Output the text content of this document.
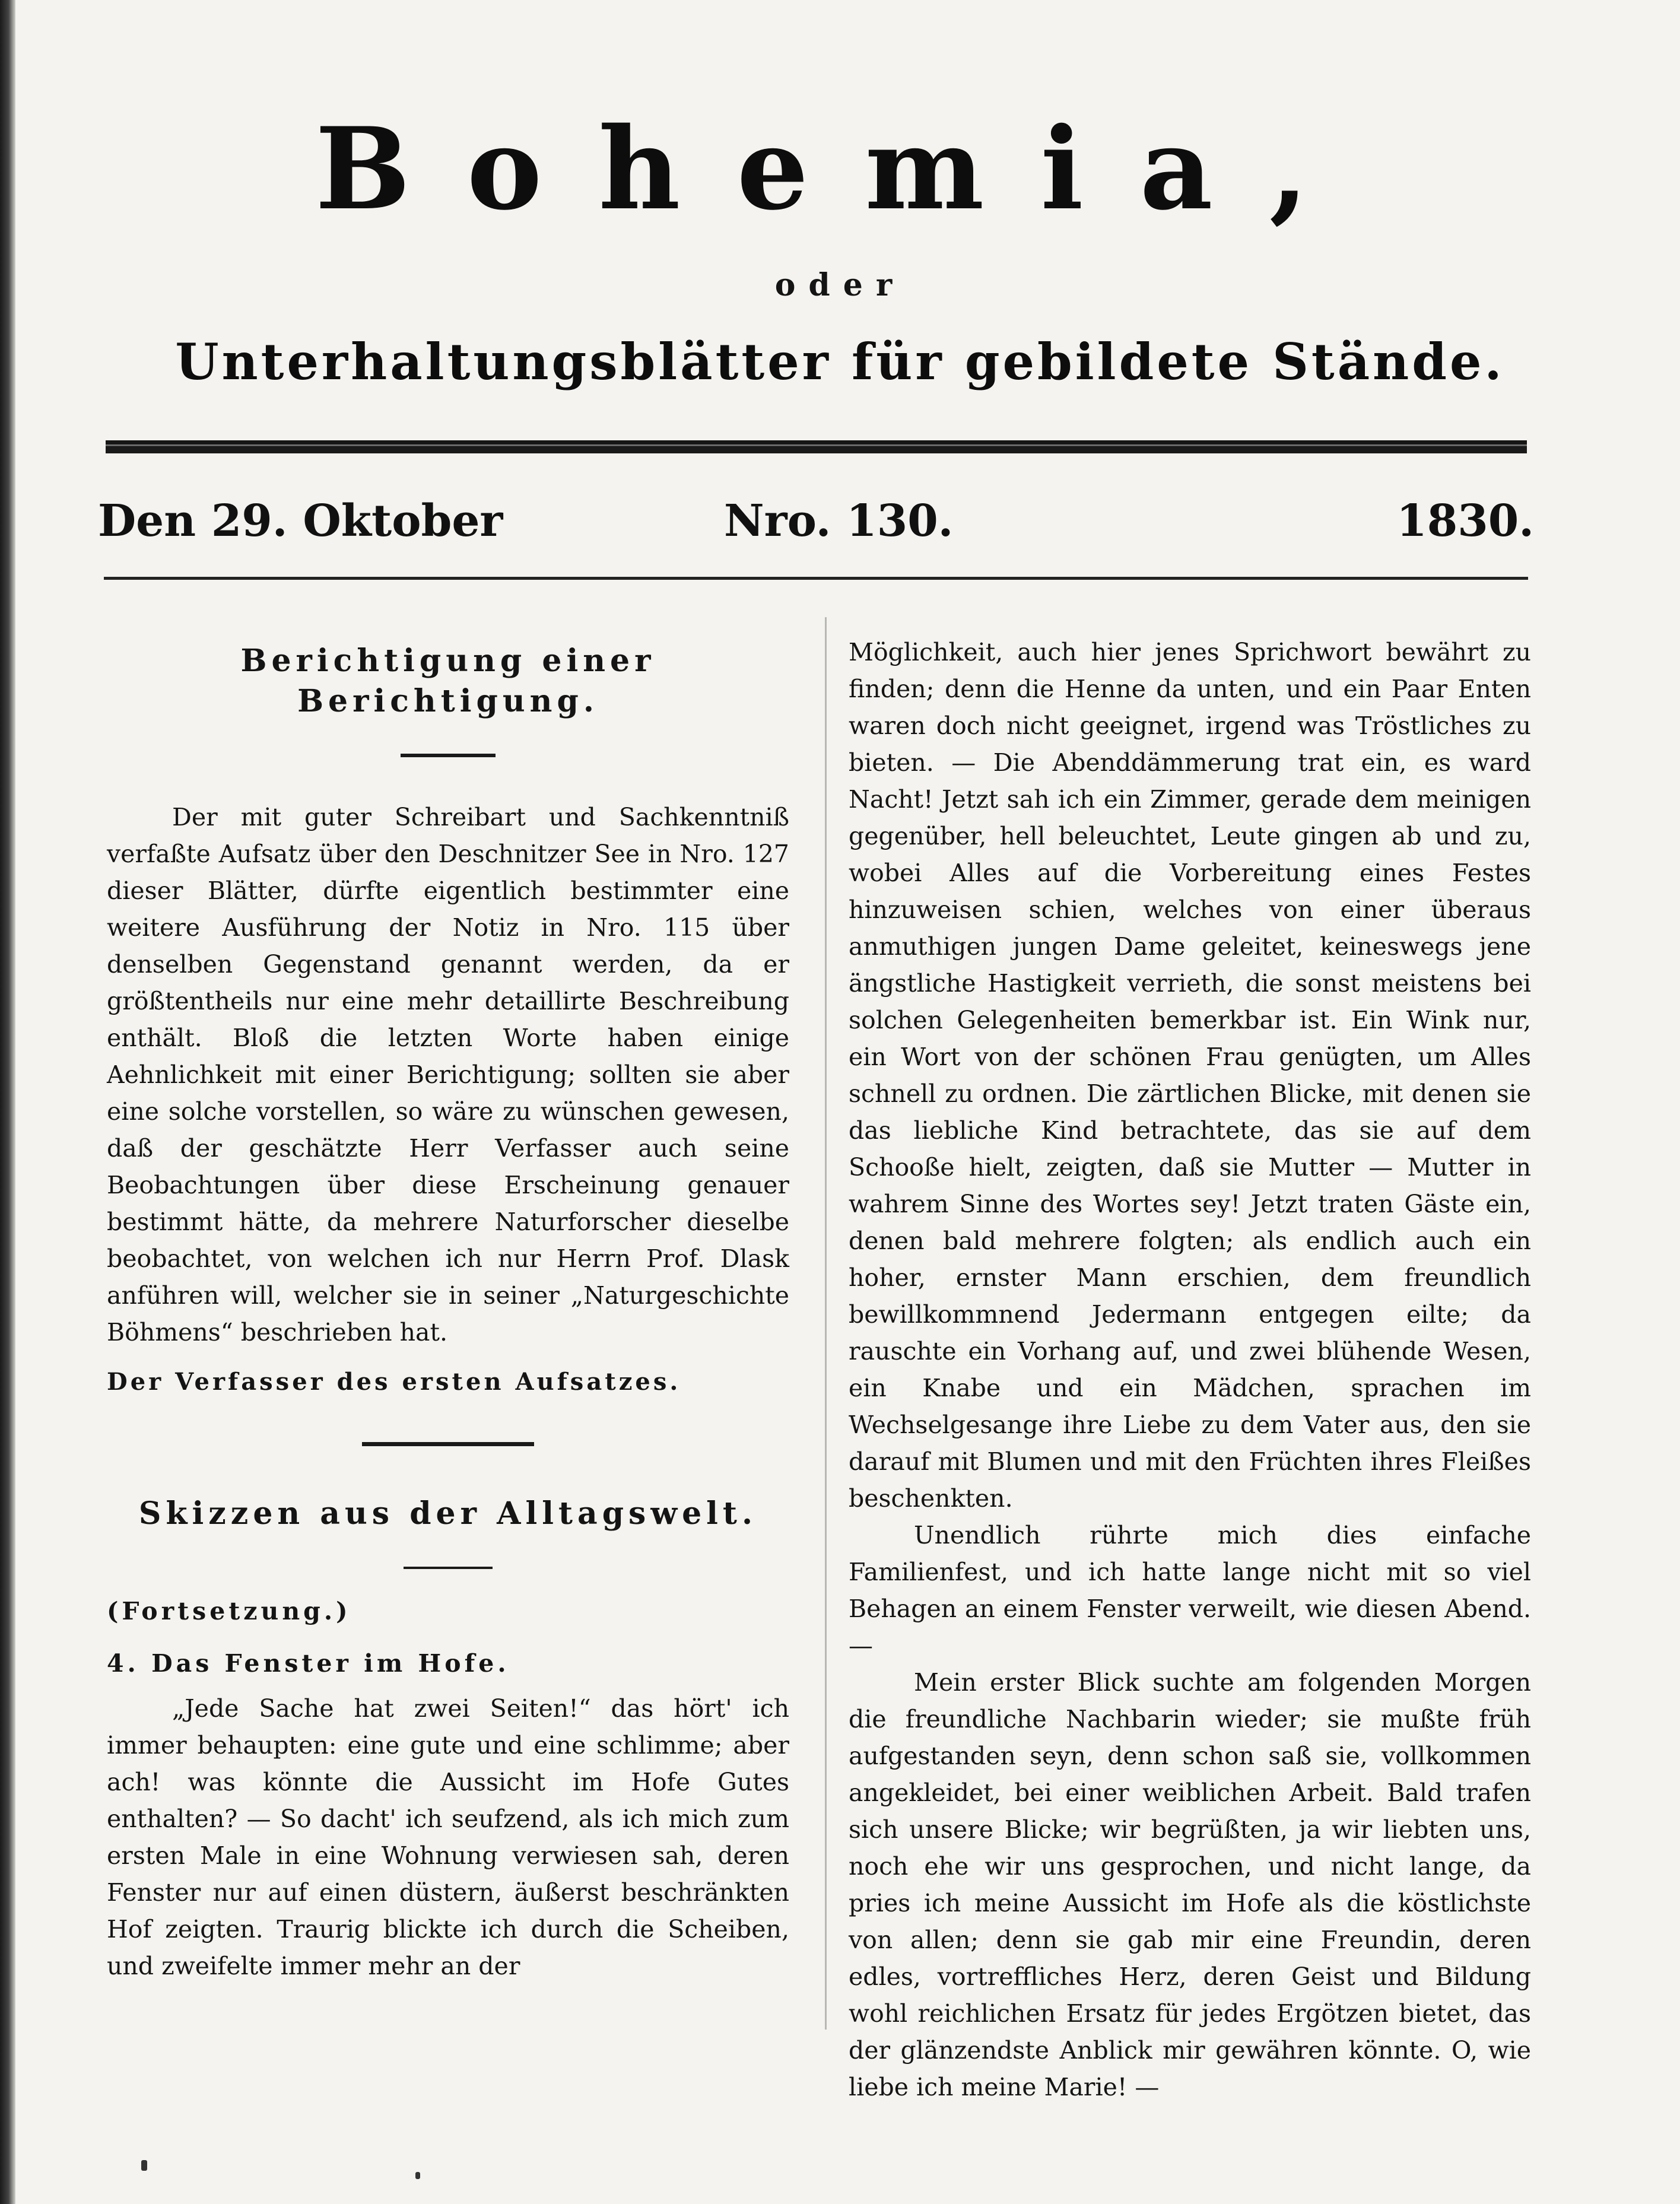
Bohemia,
oder
Unterhaltungsblätter für gebildete Stände.
Den 29. Oktober	Nro. 130.	1830.
Berichtigung einer Berichtigung.

Der mit guter Schreibart und Sachkenntniß verfaßte Aufsatz über den Deschnitzer See in Nro. 127 dieser Blätter, dürfte eigentlich bestimmter eine weitere Ausführung der Notiz in Nro. 115 über denselben Gegenstand genannt werden, da er größtentheils nur eine mehr detaillirte Beschreibung enthält. Bloß die letzten Worte haben einige Aehnlichkeit mit einer Berichtigung; sollten sie aber eine solche vorstellen, so wäre zu wünschen gewesen, daß der geschätzte Herr Verfasser auch seine Beobachtungen über diese Erscheinung genauer bestimmt hätte, da mehrere Naturforscher dieselbe beobachtet, von welchen ich nur Herrn Prof. Dlask anführen will, welcher sie in seiner „Naturgeschichte Böhmens“ beschrieben hat.

Der Verfasser des ersten Aufsatzes.

Skizzen aus der Alltagswelt.

(Fortsetzung.)

4. Das Fenster im Hofe.

„Jede Sache hat zwei Seiten!“ das hört' ich immer behaupten: eine gute und eine schlimme; aber ach! was könnte die Aussicht im Hofe Gutes enthalten? — So dacht' ich seufzend, als ich mich zum ersten Male in eine Wohnung verwiesen sah, deren Fenster nur auf einen düstern, äußerst beschränkten Hof zeigten. Traurig blickte ich durch die Scheiben, und zweifelte immer mehr an der

Möglichkeit, auch hier jenes Sprichwort bewährt zu finden; denn die Henne da unten, und ein Paar Enten waren doch nicht geeignet, irgend was Tröstliches zu bieten. — Die Abenddämmerung trat ein, es ward Nacht! Jetzt sah ich ein Zimmer, gerade dem meinigen gegenüber, hell beleuchtet, Leute gingen ab und zu, wobei Alles auf die Vorbereitung eines Festes hinzuweisen schien, welches von einer überaus anmuthigen jungen Dame geleitet, keineswegs jene ängstliche Hastigkeit verrieth, die sonst meistens bei solchen Gelegenheiten bemerkbar ist. Ein Wink nur, ein Wort von der schönen Frau genügten, um Alles schnell zu ordnen. Die zärtlichen Blicke, mit denen sie das liebliche Kind betrachtete, das sie auf dem Schooße hielt, zeigten, daß sie Mutter — Mutter in wahrem Sinne des Wortes sey! Jetzt traten Gäste ein, denen bald mehrere folgten; als endlich auch ein hoher, ernster Mann erschien, dem freundlich bewillkommnend Jedermann entgegen eilte; da rauschte ein Vorhang auf, und zwei blühende Wesen, ein Knabe und ein Mädchen, sprachen im Wechselgesange ihre Liebe zu dem Vater aus, den sie darauf mit Blumen und mit den Früchten ihres Fleißes beschenkten.

Unendlich rührte mich dies einfache Familienfest, und ich hatte lange nicht mit so viel Behagen an einem Fenster verweilt, wie diesen Abend. —

Mein erster Blick suchte am folgenden Morgen die freundliche Nachbarin wieder; sie mußte früh aufgestanden seyn, denn schon saß sie, vollkommen angekleidet, bei einer weiblichen Arbeit. Bald trafen sich unsere Blicke; wir begrüßten, ja wir liebten uns, noch ehe wir uns gesprochen, und nicht lange, da pries ich meine Aussicht im Hofe als die köstlichste von allen; denn sie gab mir eine Freundin, deren edles, vortreffliches Herz, deren Geist und Bildung wohl reichlichen Ersatz für jedes Ergötzen bietet, das der glänzendste Anblick mir gewähren könnte. O, wie liebe ich meine Marie! —
